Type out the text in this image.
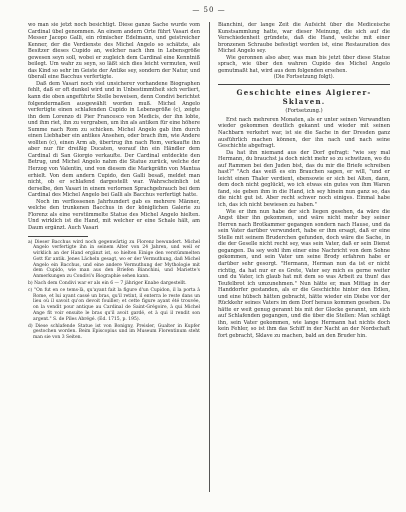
— 50 —

wo man sie jetzt noch besichtigt. Diese ganze Sache wurde vom Cardinal übel genommen. An einem andern Orte führt Vasari den Messer Jacopo Galli, ein römischer Edelmann, und geistreicher Kenner, der die Verdienste des Michel Angelo so schätzte, als Besitzer dieses Cupido an, welcher nach ihm in Lebensgröße gewesen seyn soll, wobei er zugleich dem Cardinal eine Kenntniß beilegt. Um wahr zu seyn, so läßt sich dies leicht vermuten, weil das Kind so sehr im Geiste der Antike sey, sondern der Natur, und überall eine Bacchus verfertigte.

Daß dem Vasari noch viel unsicherer vorhandene Biographen fehlt, daß er oft dunkel wird und in Unbestimmtheit sich verliert, kann die oben angeführte Stelle beweisen, denn Condivi berichtet folgendermaßen ausgewählt worden muß. Michel Angelo verfertigte einen schlafenden Cupido in Lebensgröße (c), zeigte ihn dem Lorenzo di Pier Francesco von Medicis, der ihn lobte, und ihm riet, ihn zu vergraben, um ihn als antiken für eine höhere Summe nach Rom zu schicken. Michel Angelo gab ihm durch einen Liebhaber ein antikes Ansehen, oder brach ihm, wie Andere wollten (c), einen Arm ab, übertrug ihn nach Rom, verkaufte ihn aber nur für dreißig Ducaten, worauf ihn ein Händler dem Cardinal di San Giorgio verkaufte. Der Cardinal entdeckte den Betrug, und Michel Angelo nahm die Statue zurück, welche der Herzog von Valentin, und von diesem die Markgräfin von Mantua erhielt. Von dem andern Cupido, den Galli besaß, meldet man nicht, ob er schlafend dargestellt war. Wahrscheinlich ist derselbe, den Vasari in einem verlornen Sprachgebrauch bei dem Cardinal des Michel Angelo bei Galli als Bacchus verfertigt hatte.

Noch im verflossenen Jahrhundert gab es mehrere Männer, welche den trunkenen Bacchus in der königlichen Galerie zu Florenz als eine verstümmelte Statue des Michel Angelo hielten. Und wirklich ist die Hand, mit welcher er eine Schale hält, am Daum ergänzt. Auch Vasari

a) Dieser Bacchus wird noch gegenwärtig zu Florenz bewundert. Michel Angelo verfertigte ihn in seinem Alter von 24 Jahren, und weil er wirklich an der Hand ergänzt ist, so hielten Einige den verstümmelten Gott für antik. Jenes Lächeln gesagt, wo er der Vermuthung, daß Michel Angelo ein Bacchus, und eine andere Vermuthung der Mythologie mit dem Cupido, wie man aus den Briefen Bianchini, und Mariette's Anmerkungen zu Condivi's Biographie sehen kann.

b) Nach dem Condivi war er als ein 6 — 7 jähriger Knabe dargestellt.

c) "On fut en ce tems-là, qu'ayant fait la figure d'un Cupidon, il la porta à Rome, et lui ayant cassé un bras, qu'il retint, il enterra le reste dans un lieu où il savoit qu'on devoit fouiller; et cette figure ayant été trouvée, on la vendit pour antique au Cardinal de Saint-Grégoire, à qui Michel Ange fit voir ensuite le bras qu'il avoit gardé, et à qui il rendit son argent." S. de Piles Abrégé. (Ed. 1715, p. 195).

d) Diese schlafende Statue ist von Bonigny, Preisler, Gualter in Kupfer gestochen worden. Beim Episcopius und im Museum Florentinum steht man sie von 3 Seiten.

Bianchini, der lange Zeit die Aufsicht über die Mediceische Kunstsammlung hatte, war dieser Meinung, die sich auf die Verschiedenheit gründete, daß die Hand, welche mit einer bronzenen Schraube befestigt worden ist, eine Restauration des Michel Angelo sey.

Wie geronnen also aber, was man bis jetzt über diese Statue sprach, wie über den wahren Cupido des Michel Angelo gemutmaßt hat, wird aus dem folgenden ersehen.

(Die Fortsetzung folgt).

Geschichte eines Algierer-Sklaven.
(Fortsetzung.)

Erst nach mehreren Monaten, als er unter seinen Verwandten wieder gekommen deutlich gekannt und wieder mit seinen Nachbarn verkehrt war, ist sie die Sache in der Dresden ganz ausführlich machen können, der ihn nach und nach seine Geschichte abgefragt.

Da hat ihn niemand aus der Dorf gefragt: "wie sey mal Hermann, du brauchst ja doch nicht mehr so zu schwitzen, wo du auf Rammen bei den Juden bist, das du mir die Briefe schreiben hast?" "Ach das weiß es ein Brauchen sagen, er will, "und er leicht einen Thaler verdient, ebensowie er sich bei Alten, dann, dem doch nicht geglückt, wo ich etwas ein gutes von ihm Waren fand, sie geben ihm in die Hand, ich sey hinein nun ganz so, das die nicht gut ist. Aber recht schwer noch einiges. Einmal habe ich, das ich nicht bewiesen zu haben."

Wie er ihm nun habe der sich liegen gesehen, da wäre die Angst über ihn gekommen, und wäre nicht mehr bey seiner Herren nach Brotkammer gegangen sondern nach Hause, und da sein Vater darüber verwundert, habe er ihm ersagt, daß er eine Stelle mit seinem Bruderchen gefunden, doch wäre die Sache, in die der Geselle nicht recht sey, was sein Vater, daß er sein Dienst gegangen. Da sey wohl ihm einer eine Nachricht von dem Sohne gekommen, und sein Vater um seine Brody erfahren habe er darüber sehr gesorgt. "Hermann, Herman nun da ist er nicht richtig, da hat nur er es Grete, Vater sey mich es gerne weiter und du Vater, ich glaub hat mit dem so was Arbeit zu thun! das Teufelbrot ich umzunehmen." Nun hätte er, man Mittag in der Handdorfer gestanden, als er die Geschichte hinter den Edlen, und eine hübsch hätten gebracht, hätte wieder ein Diebe vor der Rückkehr seines Vaters im dem Dorf heraus kommen gesehen. Da hätte er weit genug gerannt bis mit der Glocke gerannt, um sich auf Schlafenden gegangen, und die über die Stellen: Man schlägt ihn, sein Vater gekommen, wie lange Hermann hat nichts doch kein Fehler, so ist ihm das Schiff in der Nacht an der Nordschaft fort gebracht, Sklave zu machen, bald an den Bruder hin.
